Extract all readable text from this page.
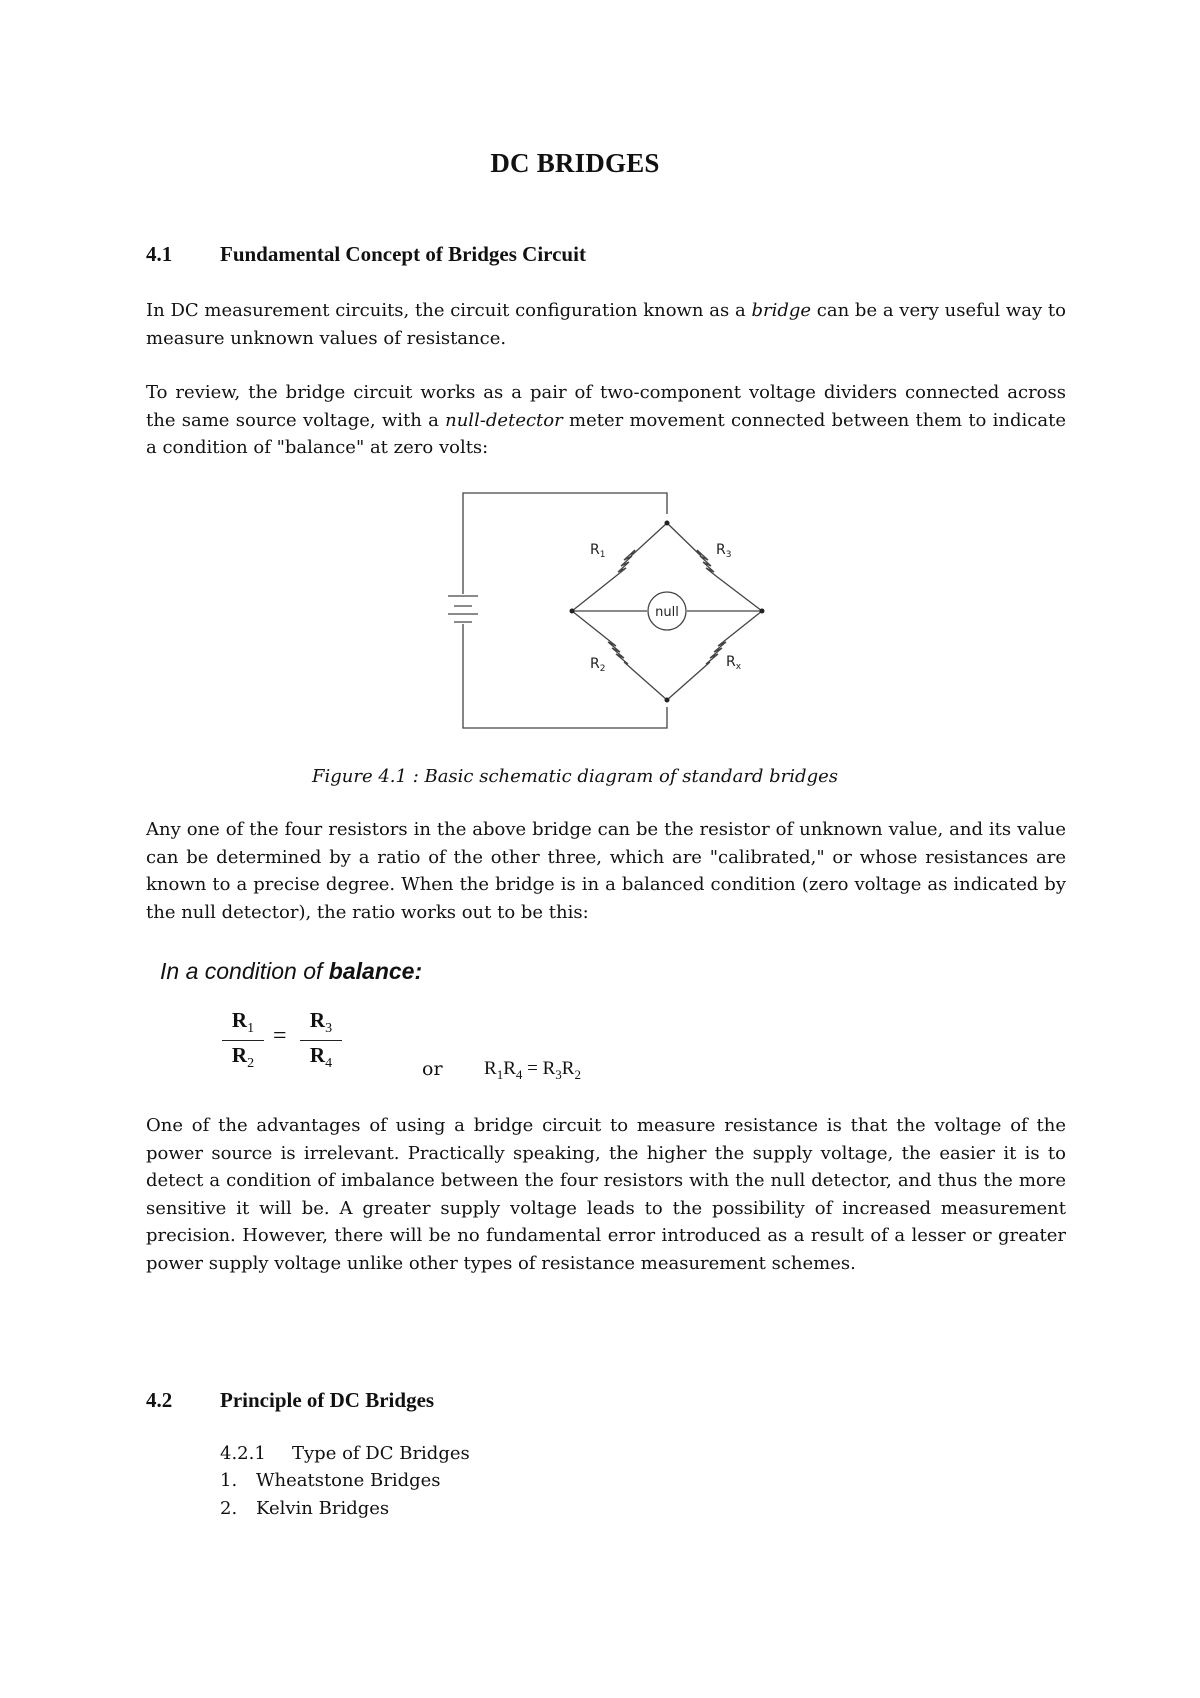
DC BRIDGES
4.1 Fundamental Concept of Bridges Circuit

In DC measurement circuits, the circuit configuration known as a bridge can be a very useful way to measure unknown values of resistance.

To review, the bridge circuit works as a pair of two-component voltage dividers connected across the same source voltage, with a null-detector meter movement connected between them to indicate a condition of "balance" at zero volts:

null
$R_1$	$R_3$
$R_2$	$R_x$
Figure 4.1 : Basic schematic diagram of standard bridges

Any one of the four resistors in the above bridge can be the resistor of unknown value, and its value can be determined by a ratio of the other three, which are "calibrated," or whose resistances are known to a precise degree. When the bridge is in a balanced condition (zero voltage as indicated by the null detector), the ratio works out to be this:

In a condition of balance:
$R_1$
$R_2$
=
$R_3$
$R_4$	or $R_1R_4 = R_3R_2$

One of the advantages of using a bridge circuit to measure resistance is that the voltage of the power source is irrelevant. Practically speaking, the higher the supply voltage, the easier it is to detect a condition of imbalance between the four resistors with the null detector, and thus the more sensitive it will be. A greater supply voltage leads to the possibility of increased measurement precision. However, there will be no fundamental error introduced as a result of a lesser or greater power supply voltage unlike other types of resistance measurement schemes.

4.2 Principle of DC Bridges
4.2.1 Type of DC Bridges
1. Wheatstone Bridges
2. Kelvin Bridges
